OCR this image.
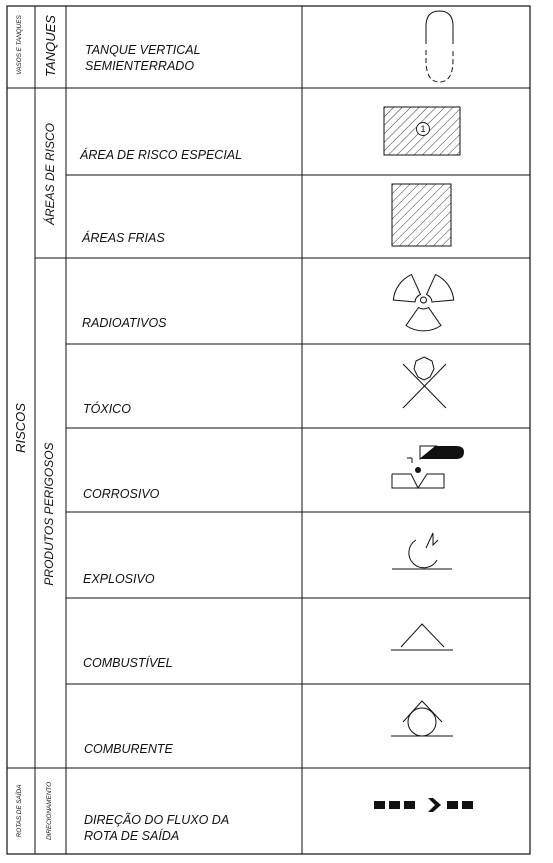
VASOS E TANQUES TANQUES
RISCOS
ÁREAS DE RISCO
PRODUTOS PERIGOSOS
ROTAS DE SAÍDA	DIRECIONAMENTO
1
TANQUE VERTICAL
SEMIENTERRADO
ÁREA DE RISCO ESPECIAL
ÁREAS FRIAS
RADIOATIVOS
TÓXICO
CORROSIVO
EXPLOSIVO
COMBUSTÍVEL
COMBURENTE
DIREÇÃO DO FLUXO DA
ROTA DE SAÍDA
